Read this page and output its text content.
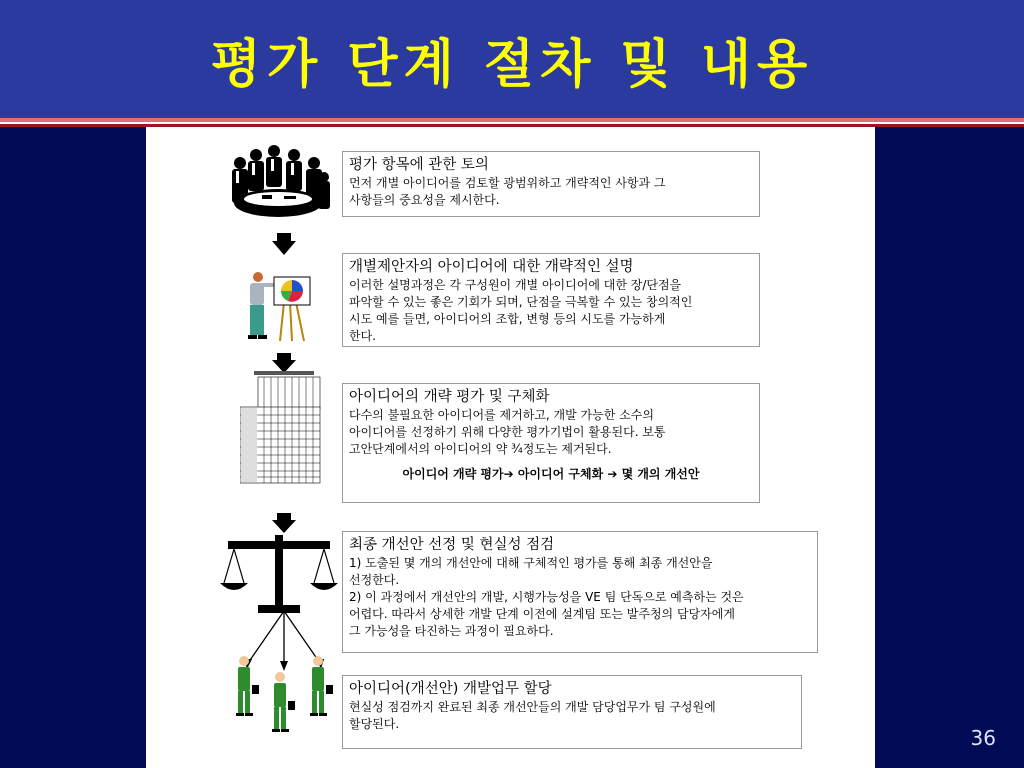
평가 단계 절차 및 내용
평가 항목에 관한 토의
먼저 개별 아이디어를 검토할 광범위하고 개략적인 사항과 그
사항들의 중요성을 제시한다.
개별제안자의 아이디어에 대한 개략적인 설명
이러한 설명과정은 각 구성원이 개별 아이디어에 대한 장/단점을
파악할 수 있는 좋은 기회가 되며, 단점을 극복할 수 있는 창의적인
시도 예를 들면, 아이디어의 조합, 변형 등의 시도를 가능하게
한다.
아이디어의 개략 평가 및 구체화
다수의 불필요한 아이디어를 제거하고, 개발 가능한 소수의
아이디어를 선정하기 위해 다양한 평가기법이 활용된다. 보통
고안단계에서의 아이디어의 약 ¾정도는 제거된다.
아이디어 개략 평가➔ 아이디어 구체화 ➔ 몇 개의 개선안
최종 개선안 선정 및 현실성 점검
1) 도출된 몇 개의 개선안에 대해 구체적인 평가를 통해 최종 개선안을
선정한다.
2) 이 과정에서 개선안의 개발, 시행가능성을 VE 팀 단독으로 예측하는 것은
어렵다. 따라서 상세한 개발 단계 이전에 설계팀 또는 발주청의 담당자에게
그 가능성을 타진하는 과정이 필요하다.
아이디어(개선안) 개발업무 할당
현실성 점검까지 완료된 최종 개선안들의 개발 담당업무가 팀 구성원에
할당된다.
36
